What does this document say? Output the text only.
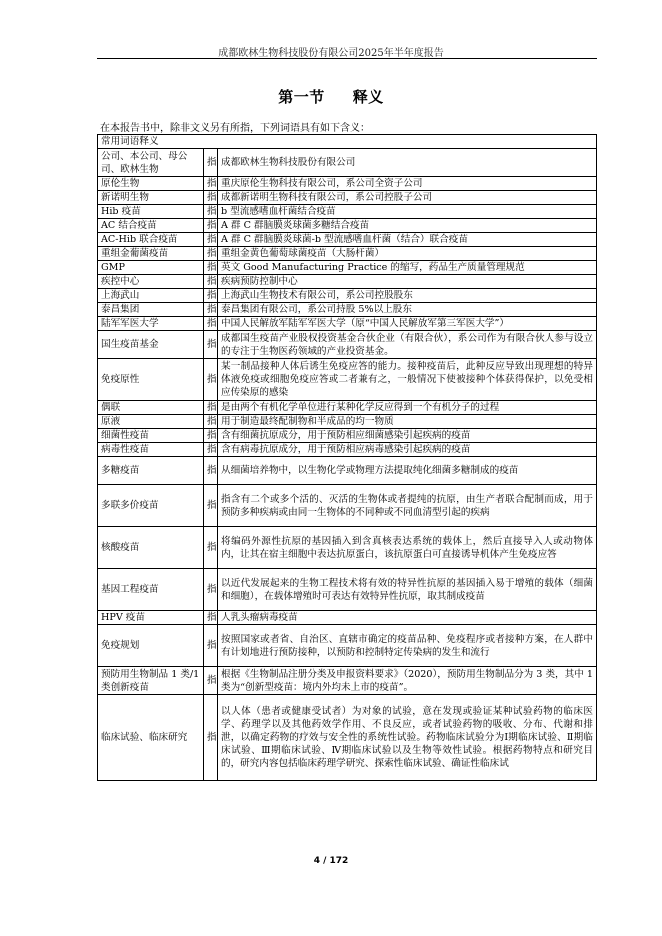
成都欧林生物科技股份有限公司2025年半年度报告
第一节 释义
在本报告书中，除非文义另有所指，下列词语具有如下含义：
常用词语释义		
公司、本公司、母公司、欧林生物	指	成都欧林生物科技股份有限公司
原伦生物	指	重庆原伦生物科技有限公司，系公司全资子公司
新诺明生物	指	成都新诺明生物科技有限公司，系公司控股子公司
Hib 疫苗	指	b 型流感嗜血杆菌结合疫苗
AC 结合疫苗	指	A 群 C 群脑膜炎球菌多糖结合疫苗
AC-Hib 联合疫苗	指	A 群 C 群脑膜炎球菌-b 型流感嗜血杆菌（结合）联合疫苗
重组金葡菌疫苗	指	重组金黄色葡萄球菌疫苗（大肠杆菌）
GMP	指	英文 Good Manufacturing Practice 的缩写，药品生产质量管理规范
疾控中心	指	疾病预防控制中心
上海武山	指	上海武山生物技术有限公司，系公司控股股东
泰昌集团	指	泰昌集团有限公司，系公司持股 5%以上股东
陆军军医大学	指	中国人民解放军陆军军医大学（原“中国人民解放军第三军医大学”）
国生疫苗基金	指	成都国生疫苗产业股权投资基金合伙企业（有限合伙），系公司作为有限合伙人参与设立的专注于生物医药领域的产业投资基金。
免疫原性	指	某一制品接种人体后诱生免疫应答的能力。接种疫苗后，此种反应导致出现理想的特异体液免疫或细胞免疫应答或二者兼有之，一般情况下使被接种个体获得保护，以免受相应传染原的感染
偶联	指	是由两个有机化学单位进行某种化学反应得到一个有机分子的过程
原液	指	用于制造最终配制物和半成品的均一物质
细菌性疫苗	指	含有细菌抗原成分，用于预防相应细菌感染引起疾病的疫苗
病毒性疫苗	指	含有病毒抗原成分，用于预防相应病毒感染引起疾病的疫苗
多糖疫苗	指	从细菌培养物中，以生物化学或物理方法提取纯化细菌多糖制成的疫苗
多联多价疫苗	指	指含有二个或多个活的、灭活的生物体或者提纯的抗原，由生产者联合配制而成，用于预防多种疾病或由同一生物体的不同种或不同血清型引起的疾病
核酸疫苗	指	将编码外源性抗原的基因插入到含真核表达系统的载体上，然后直接导入人或动物体内，让其在宿主细胞中表达抗原蛋白，该抗原蛋白可直接诱导机体产生免疫应答
基因工程疫苗	指	以近代发展起来的生物工程技术将有效的特异性抗原的基因插入易于增殖的载体（细菌和细胞），在载体增殖时可表达有效特异性抗原，取其制成疫苗
HPV 疫苗	指	人乳头瘤病毒疫苗
免疫规划	指	按照国家或者省、自治区、直辖市确定的疫苗品种、免疫程序或者接种方案，在人群中有计划地进行预防接种，以预防和控制特定传染病的发生和流行
预防用生物制品 1 类/1 类创新疫苗	指	根据《生物制品注册分类及申报资料要求》（2020），预防用生物制品分为 3 类，其中 1 类为“创新型疫苗：境内外均未上市的疫苗”。
临床试验、临床研究	指	以人体（患者或健康受试者）为对象的试验，意在发现或验证某种试验药物的临床医学、药理学以及其他药效学作用、不良反应，或者试验药物的吸收、分布、代谢和排泄，以确定药物的疗效与安全性的系统性试验。药物临床试验分为Ⅰ期临床试验、Ⅱ期临床试验、Ⅲ期临床试验、Ⅳ期临床试验以及生物等效性试验。根据药物特点和研究目的，研究内容包括临床药理学研究、探索性临床试验、确证性临床试
4 / 172
